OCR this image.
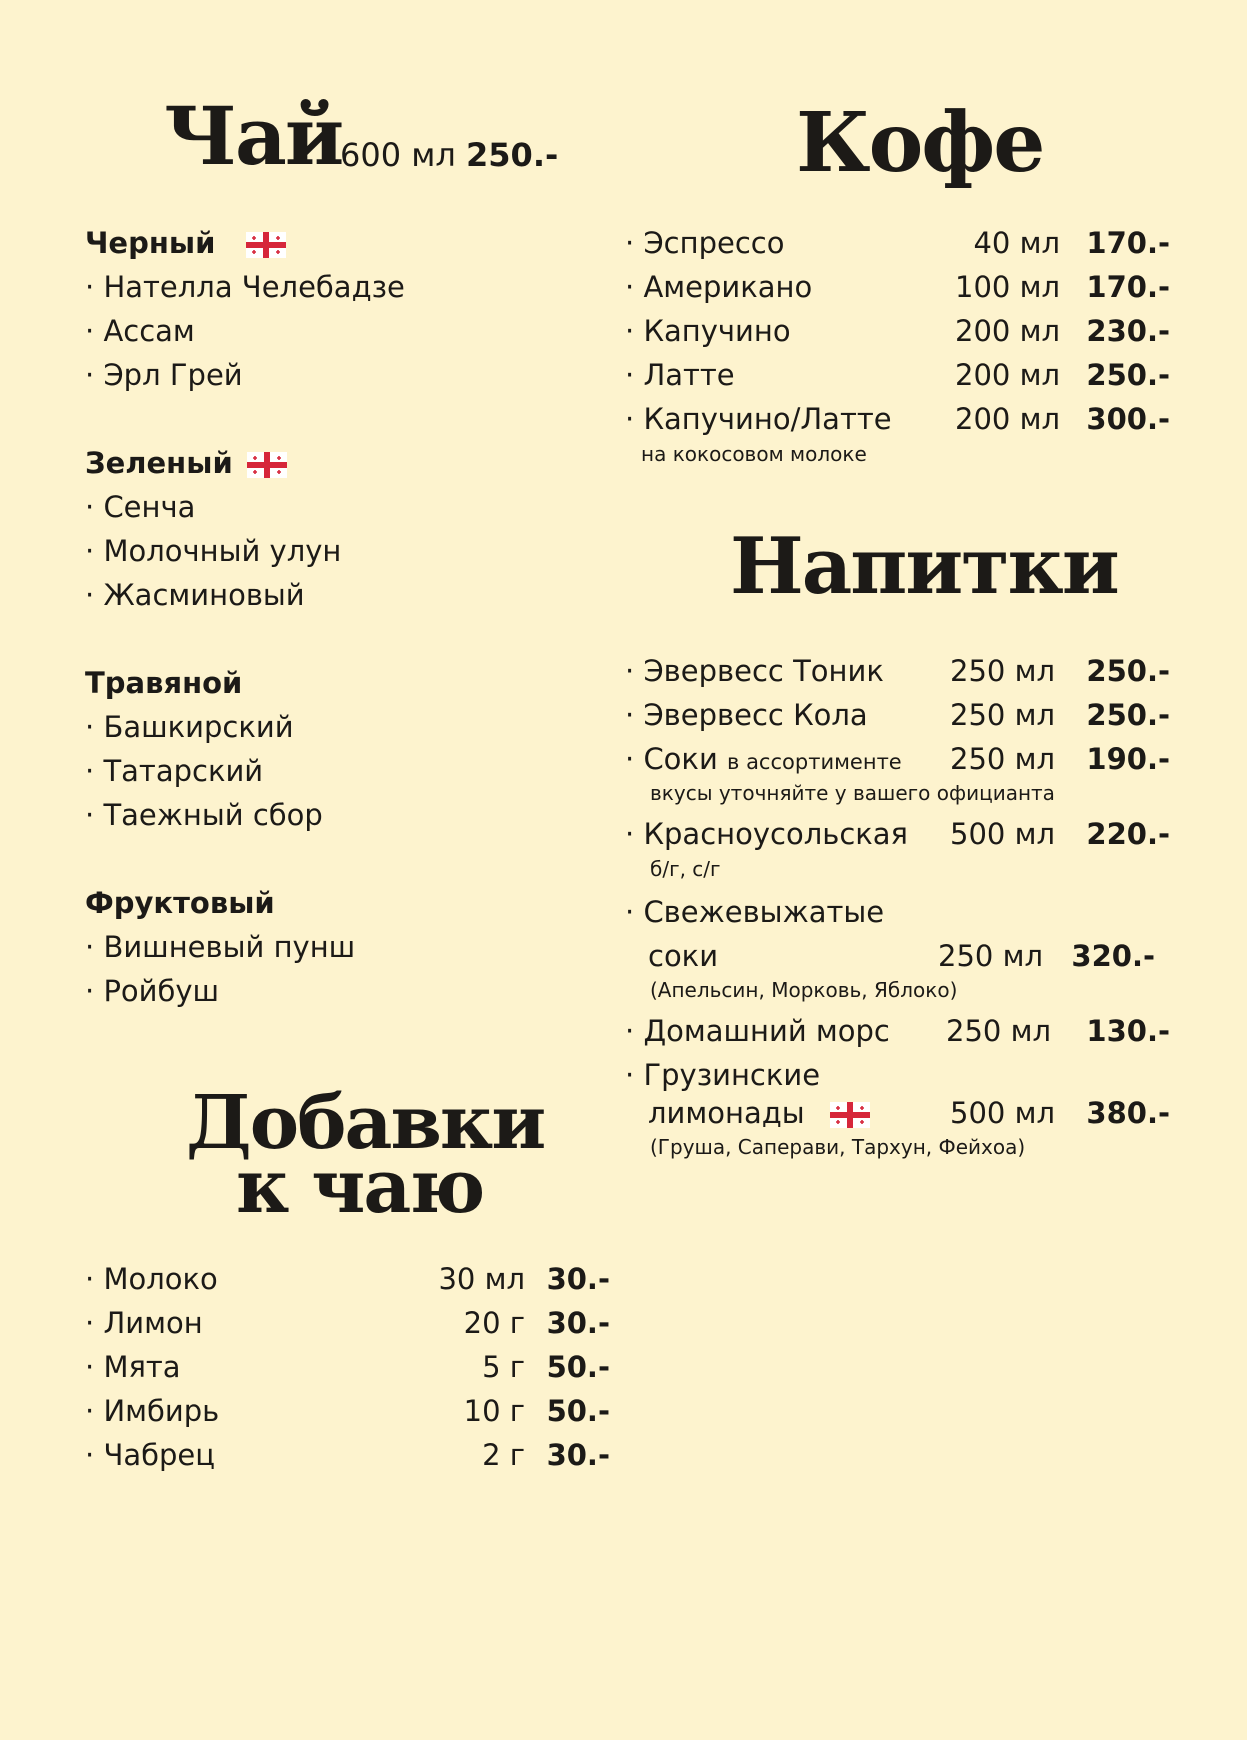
Чай
600 мл 250.-
Черный
· Нателла Челебадзе
· Ассам
· Эрл Грей
Зеленый
· Сенча
· Молочный улун
· Жасминовый
Травяной
· Башкирский
· Татарский
· Таежный сбор
Фруктовый
· Вишневый пунш
· Ройбуш
Добавки
к чаю
· Молоко	30 мл 30.-
· Лимон	20 г 30.-
· Мята	5 г 50.-
· Имбирь	10 г 50.-
· Чабрец	2 г 30.-
Кофе
· Эспрессо	40 мл 170.-
· Американо	100 мл 170.-
· Капучино	200 мл 230.-
· Латте	200 мл 250.-
· Капучино/Латте	200 мл 300.-
на кокосовом молоке
Напитки
· Эвервесс Тоник	250 мл	250.-
· Эвервесс Кола	250 мл	250.-
· Соки в ассортименте	250 мл	190.-
вкусы уточняйте у вашего официанта
· Красноусольская	500 мл	220.-
б/г, с/г
· Свежевыжатые
соки	250 мл 320.-
(Апельсин, Морковь, Яблоко)
· Домашний морс	250 мл	130.-
· Грузинские
лимонады	500 мл	380.-
(Груша, Саперави, Тархун, Фейхоа)
